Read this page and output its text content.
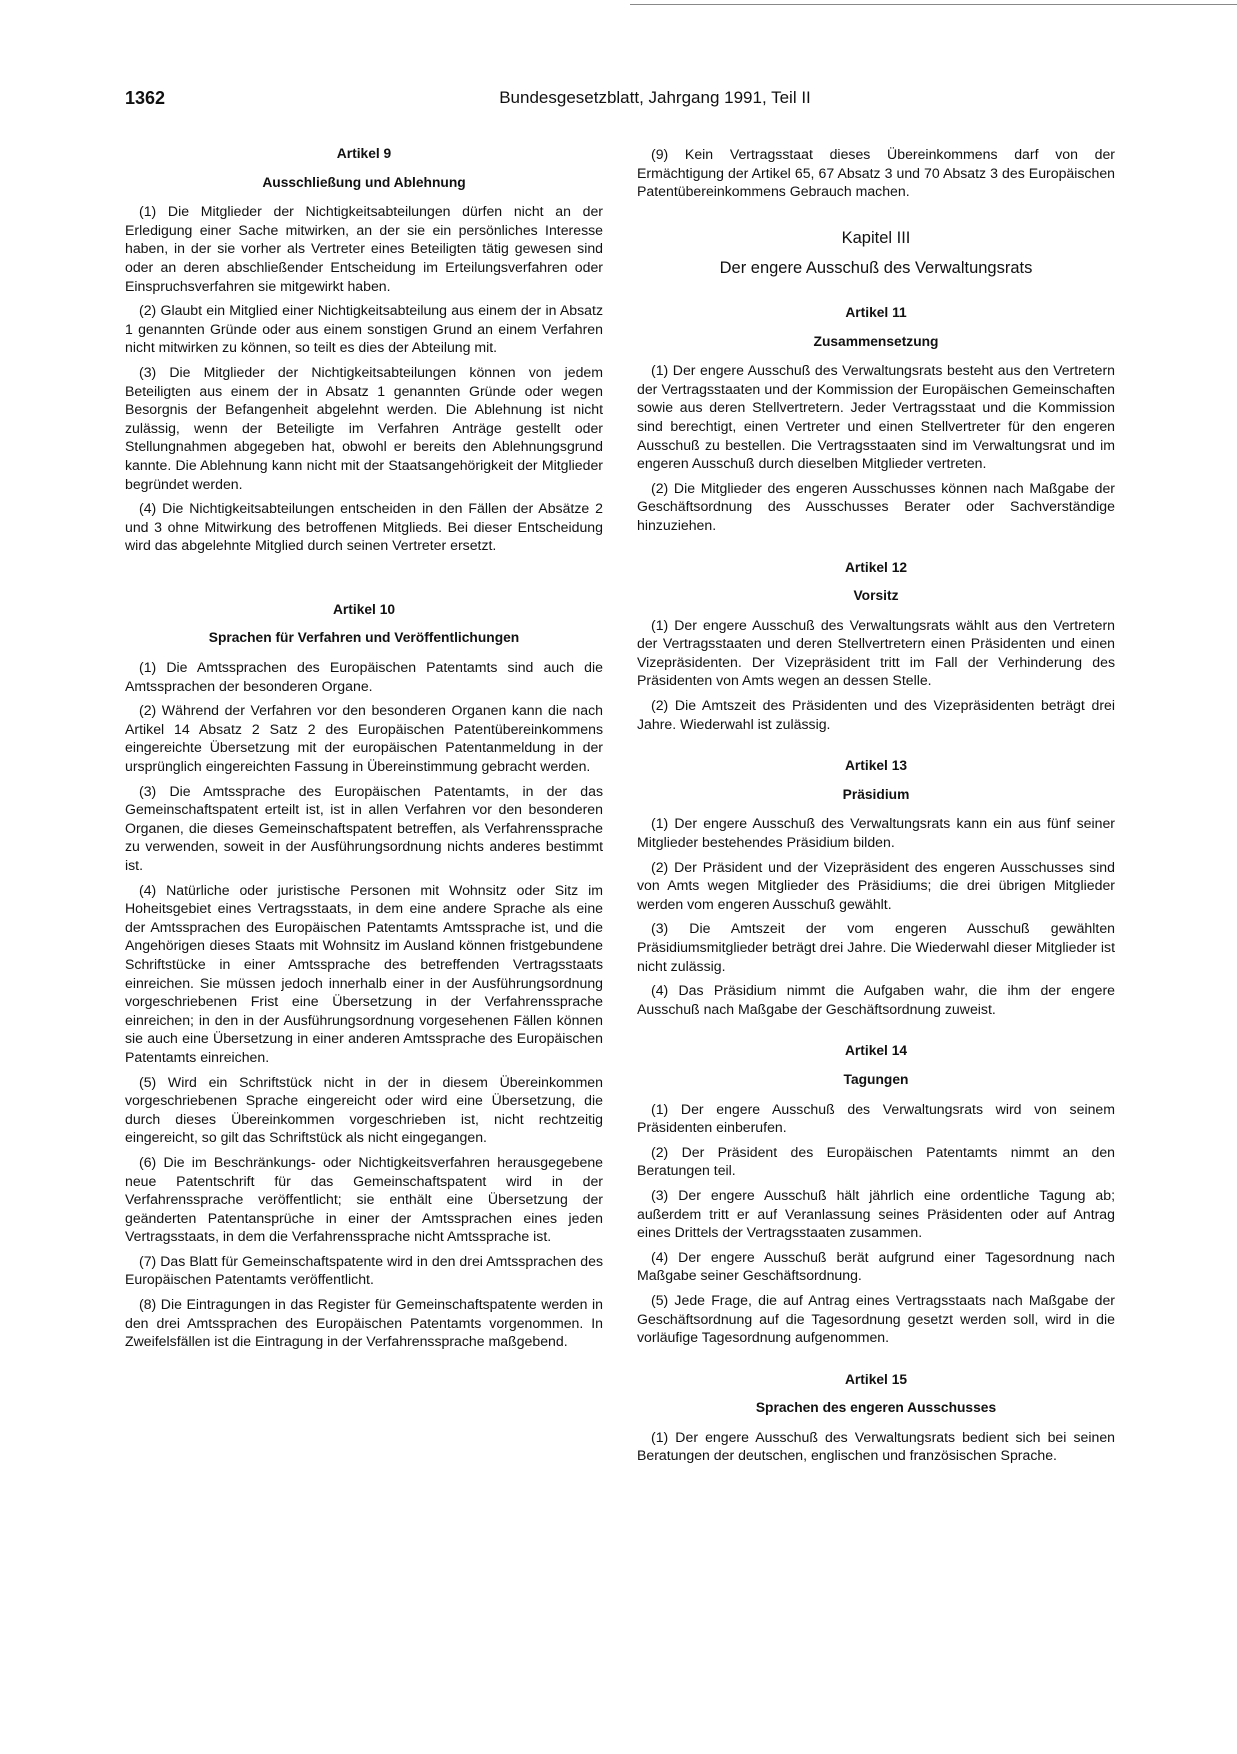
1362	Bundesgesetzblatt, Jahrgang 1991, Teil II
Artikel 9
Ausschließung und Ablehnung

(1) Die Mitglieder der Nichtigkeitsabteilungen dürfen nicht an der Erledigung einer Sache mitwirken, an der sie ein persönliches Interesse haben, in der sie vorher als Vertreter eines Beteiligten tätig gewesen sind oder an deren abschließender Entscheidung im Erteilungsverfahren oder Einspruchsverfahren sie mitgewirkt haben.

(2) Glaubt ein Mitglied einer Nichtigkeitsabteilung aus einem der in Absatz 1 genannten Gründe oder aus einem sonstigen Grund an einem Verfahren nicht mitwirken zu können, so teilt es dies der Abteilung mit.

(3) Die Mitglieder der Nichtigkeitsabteilungen können von jedem Beteiligten aus einem der in Absatz 1 genannten Gründe oder wegen Besorgnis der Befangenheit abgelehnt werden. Die Ablehnung ist nicht zulässig, wenn der Beteiligte im Verfahren Anträge gestellt oder Stellungnahmen abgegeben hat, obwohl er bereits den Ablehnungsgrund kannte. Die Ablehnung kann nicht mit der Staatsangehörigkeit der Mitglieder begründet werden.

(4) Die Nichtigkeitsabteilungen entscheiden in den Fällen der Absätze 2 und 3 ohne Mitwirkung des betroffenen Mitglieds. Bei dieser Entscheidung wird das abgelehnte Mitglied durch seinen Vertreter ersetzt.

Artikel 10
Sprachen für Verfahren und Veröffentlichungen

(1) Die Amtssprachen des Europäischen Patentamts sind auch die Amtssprachen der besonderen Organe.

(2) Während der Verfahren vor den besonderen Organen kann die nach Artikel 14 Absatz 2 Satz 2 des Europäischen Patentübereinkommens eingereichte Übersetzung mit der europäischen Patentanmeldung in der ursprünglich eingereichten Fassung in Übereinstimmung gebracht werden.

(3) Die Amtssprache des Europäischen Patentamts, in der das Gemeinschaftspatent erteilt ist, ist in allen Verfahren vor den besonderen Organen, die dieses Gemeinschaftspatent betreffen, als Verfahrenssprache zu verwenden, soweit in der Ausführungsordnung nichts anderes bestimmt ist.

(4) Natürliche oder juristische Personen mit Wohnsitz oder Sitz im Hoheitsgebiet eines Vertragsstaats, in dem eine andere Sprache als eine der Amtssprachen des Europäischen Patentamts Amtssprache ist, und die Angehörigen dieses Staats mit Wohnsitz im Ausland können fristgebundene Schriftstücke in einer Amtssprache des betreffenden Vertragsstaats einreichen. Sie müssen jedoch innerhalb einer in der Ausführungsordnung vorgeschriebenen Frist eine Übersetzung in der Verfahrenssprache einreichen; in den in der Ausführungsordnung vorgesehenen Fällen können sie auch eine Übersetzung in einer anderen Amtssprache des Europäischen Patentamts einreichen.

(5) Wird ein Schriftstück nicht in der in diesem Übereinkommen vorgeschriebenen Sprache eingereicht oder wird eine Übersetzung, die durch dieses Übereinkommen vorgeschrieben ist, nicht rechtzeitig eingereicht, so gilt das Schriftstück als nicht eingegangen.

(6) Die im Beschränkungs- oder Nichtigkeitsverfahren herausgegebene neue Patentschrift für das Gemeinschaftspatent wird in der Verfahrenssprache veröffentlicht; sie enthält eine Übersetzung der geänderten Patentansprüche in einer der Amtssprachen eines jeden Vertragsstaats, in dem die Verfahrenssprache nicht Amtssprache ist.

(7) Das Blatt für Gemeinschaftspatente wird in den drei Amtssprachen des Europäischen Patentamts veröffentlicht.

(8) Die Eintragungen in das Register für Gemeinschaftspatente werden in den drei Amtssprachen des Europäischen Patentamts vorgenommen. In Zweifelsfällen ist die Eintragung in der Verfahrenssprache maßgebend.

(9) Kein Vertragsstaat dieses Übereinkommens darf von der Ermächtigung der Artikel 65, 67 Absatz 3 und 70 Absatz 3 des Europäischen Patentübereinkommens Gebrauch machen.

Kapitel III
Der engere Ausschuß des Verwaltungsrats
Artikel 11
Zusammensetzung

(1) Der engere Ausschuß des Verwaltungsrats besteht aus den Vertretern der Vertragsstaaten und der Kommission der Europäischen Gemeinschaften sowie aus deren Stellvertretern. Jeder Vertragsstaat und die Kommission sind berechtigt, einen Vertreter und einen Stellvertreter für den engeren Ausschuß zu bestellen. Die Vertragsstaaten sind im Verwaltungsrat und im engeren Ausschuß durch dieselben Mitglieder vertreten.

(2) Die Mitglieder des engeren Ausschusses können nach Maßgabe der Geschäftsordnung des Ausschusses Berater oder Sachverständige hinzuziehen.

Artikel 12
Vorsitz

(1) Der engere Ausschuß des Verwaltungsrats wählt aus den Vertretern der Vertragsstaaten und deren Stellvertretern einen Präsidenten und einen Vizepräsidenten. Der Vizepräsident tritt im Fall der Verhinderung des Präsidenten von Amts wegen an dessen Stelle.

(2) Die Amtszeit des Präsidenten und des Vizepräsidenten beträgt drei Jahre. Wiederwahl ist zulässig.

Artikel 13
Präsidium

(1) Der engere Ausschuß des Verwaltungsrats kann ein aus fünf seiner Mitglieder bestehendes Präsidium bilden.

(2) Der Präsident und der Vizepräsident des engeren Ausschusses sind von Amts wegen Mitglieder des Präsidiums; die drei übrigen Mitglieder werden vom engeren Ausschuß gewählt.

(3) Die Amtszeit der vom engeren Ausschuß gewählten Präsidiumsmitglieder beträgt drei Jahre. Die Wiederwahl dieser Mitglieder ist nicht zulässig.

(4) Das Präsidium nimmt die Aufgaben wahr, die ihm der engere Ausschuß nach Maßgabe der Geschäftsordnung zuweist.

Artikel 14
Tagungen

(1) Der engere Ausschuß des Verwaltungsrats wird von seinem Präsidenten einberufen.

(2) Der Präsident des Europäischen Patentamts nimmt an den Beratungen teil.

(3) Der engere Ausschuß hält jährlich eine ordentliche Tagung ab; außerdem tritt er auf Veranlassung seines Präsidenten oder auf Antrag eines Drittels der Vertragsstaaten zusammen.

(4) Der engere Ausschuß berät aufgrund einer Tagesordnung nach Maßgabe seiner Geschäftsordnung.

(5) Jede Frage, die auf Antrag eines Vertragsstaats nach Maßgabe der Geschäftsordnung auf die Tagesordnung gesetzt werden soll, wird in die vorläufige Tagesordnung aufgenommen.

Artikel 15
Sprachen des engeren Ausschusses

(1) Der engere Ausschuß des Verwaltungsrats bedient sich bei seinen Beratungen der deutschen, englischen und französischen Sprache.
